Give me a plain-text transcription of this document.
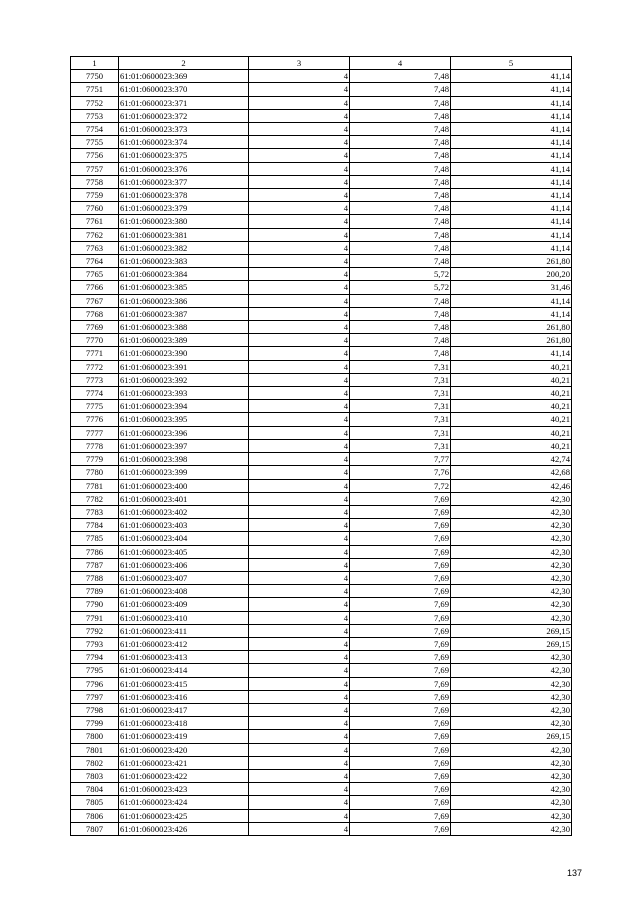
1	2	3	4	5
7750	61:01:0600023:369	4	7,48	41,14
7751	61:01:0600023:370	4	7,48	41,14
7752	61:01:0600023:371	4	7,48	41,14
7753	61:01:0600023:372	4	7,48	41,14
7754	61:01:0600023:373	4	7,48	41,14
7755	61:01:0600023:374	4	7,48	41,14
7756	61:01:0600023:375	4	7,48	41,14
7757	61:01:0600023:376	4	7,48	41,14
7758	61:01:0600023:377	4	7,48	41,14
7759	61:01:0600023:378	4	7,48	41,14
7760	61:01:0600023:379	4	7,48	41,14
7761	61:01:0600023:380	4	7,48	41,14
7762	61:01:0600023:381	4	7,48	41,14
7763	61:01:0600023:382	4	7,48	41,14
7764	61:01:0600023:383	4	7,48	261,80
7765	61:01:0600023:384	4	5,72	200,20
7766	61:01:0600023:385	4	5,72	31,46
7767	61:01:0600023:386	4	7,48	41,14
7768	61:01:0600023:387	4	7,48	41,14
7769	61:01:0600023:388	4	7,48	261,80
7770	61:01:0600023:389	4	7,48	261,80
7771	61:01:0600023:390	4	7,48	41,14
7772	61:01:0600023:391	4	7,31	40,21
7773	61:01:0600023:392	4	7,31	40,21
7774	61:01:0600023:393	4	7,31	40,21
7775	61:01:0600023:394	4	7,31	40,21
7776	61:01:0600023:395	4	7,31	40,21
7777	61:01:0600023:396	4	7,31	40,21
7778	61:01:0600023:397	4	7,31	40,21
7779	61:01:0600023:398	4	7,77	42,74
7780	61:01:0600023:399	4	7,76	42,68
7781	61:01:0600023:400	4	7,72	42,46
7782	61:01:0600023:401	4	7,69	42,30
7783	61:01:0600023:402	4	7,69	42,30
7784	61:01:0600023:403	4	7,69	42,30
7785	61:01:0600023:404	4	7,69	42,30
7786	61:01:0600023:405	4	7,69	42,30
7787	61:01:0600023:406	4	7,69	42,30
7788	61:01:0600023:407	4	7,69	42,30
7789	61:01:0600023:408	4	7,69	42,30
7790	61:01:0600023:409	4	7,69	42,30
7791	61:01:0600023:410	4	7,69	42,30
7792	61:01:0600023:411	4	7,69	269,15
7793	61:01:0600023:412	4	7,69	269,15
7794	61:01:0600023:413	4	7,69	42,30
7795	61:01:0600023:414	4	7,69	42,30
7796	61:01:0600023:415	4	7,69	42,30
7797	61:01:0600023:416	4	7,69	42,30
7798	61:01:0600023:417	4	7,69	42,30
7799	61:01:0600023:418	4	7,69	42,30
7800	61:01:0600023:419	4	7,69	269,15
7801	61:01:0600023:420	4	7,69	42,30
7802	61:01:0600023:421	4	7,69	42,30
7803	61:01:0600023:422	4	7,69	42,30
7804	61:01:0600023:423	4	7,69	42,30
7805	61:01:0600023:424	4	7,69	42,30
7806	61:01:0600023:425	4	7,69	42,30
7807	61:01:0600023:426	4	7,69	42,30
137
